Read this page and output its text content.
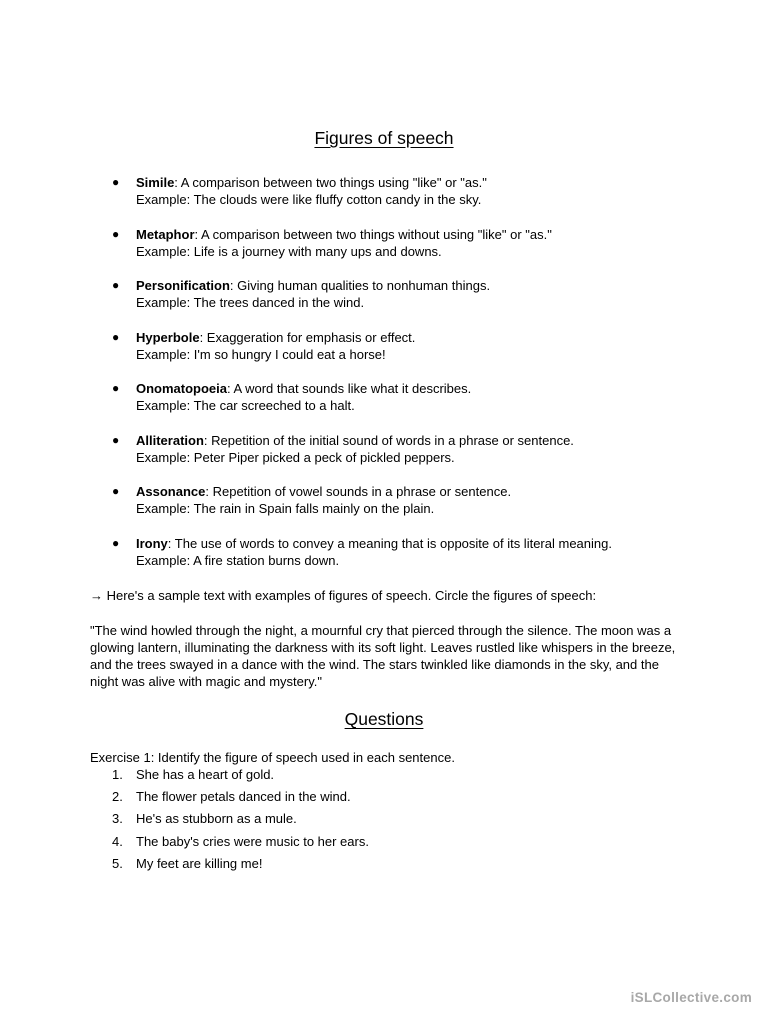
Figures of speech
●	Simile: A comparison between two things using "like" or "as."
Example: The clouds were like fluffy cotton candy in the sky.
●	Metaphor: A comparison between two things without using "like" or "as."
Example: Life is a journey with many ups and downs.
●	Personification: Giving human qualities to nonhuman things.
Example: The trees danced in the wind.
●	Hyperbole: Exaggeration for emphasis or effect.
Example: I'm so hungry I could eat a horse!
●	Onomatopoeia: A word that sounds like what it describes.
Example: The car screeched to a halt.
●	Alliteration: Repetition of the initial sound of words in a phrase or sentence.
Example: Peter Piper picked a peck of pickled peppers.
●	Assonance: Repetition of vowel sounds in a phrase or sentence.
Example: The rain in Spain falls mainly on the plain.
●	Irony: The use of words to convey a meaning that is opposite of its literal meaning.
Example: A fire station burns down.
→ Here's a sample text with examples of figures of speech. Circle the figures of speech:
"The wind howled through the night, a mournful cry that pierced through the silence. The moon was a glowing lantern, illuminating the darkness with its soft light. Leaves rustled like whispers in the breeze, and the trees swayed in a dance with the wind. The stars twinkled like diamonds in the sky, and the night was alive with magic and mystery."
Questions
Exercise 1: Identify the figure of speech used in each sentence.
1. She has a heart of gold.
2. The flower petals danced in the wind.
3. He's as stubborn as a mule.
4. The baby's cries were music to her ears.
5. My feet are killing me!
iSLCollective.com
